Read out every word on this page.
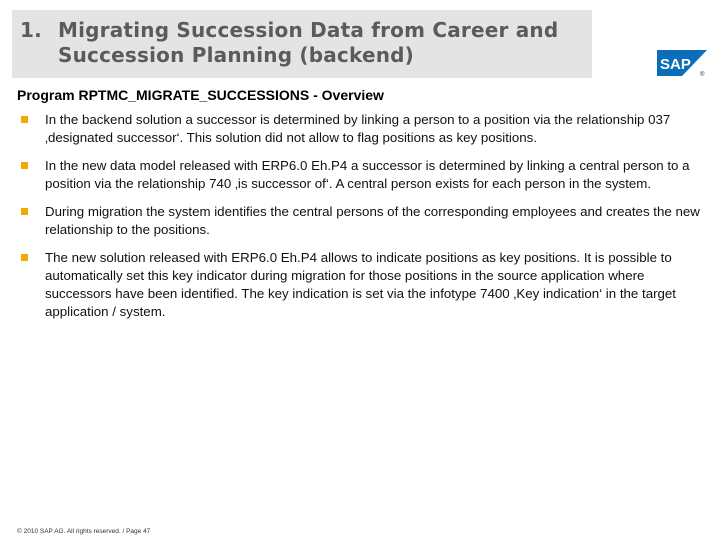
1. Migrating Succession Data from Career and
Succession Planning (backend)	SAP
®
Program RPTMC_MIGRATE_SUCCESSIONS - Overview
In the backend solution a successor is determined by linking a person to a position via the relationship 037 ‚designated successor‘. This solution did not allow to flag positions as key positions.
In the new data model released with ERP6.0 Eh.P4 a successor is determined by linking a central person to a position via the relationship 740 ‚is successor of‘. A central person exists for each person in the system.
During migration the system identifies the central persons of the corresponding employees and creates the new relationship to the positions.
The new solution released with ERP6.0 Eh.P4 allows to indicate positions as key positions. It is possible to automatically set this key indicator during migration for those positions in the source application where successors have been identified. The key indication is set via the infotype 7400 ‚Key indication‘ in the target application / system.
© 2010 SAP AG. All rights reserved. / Page 47
